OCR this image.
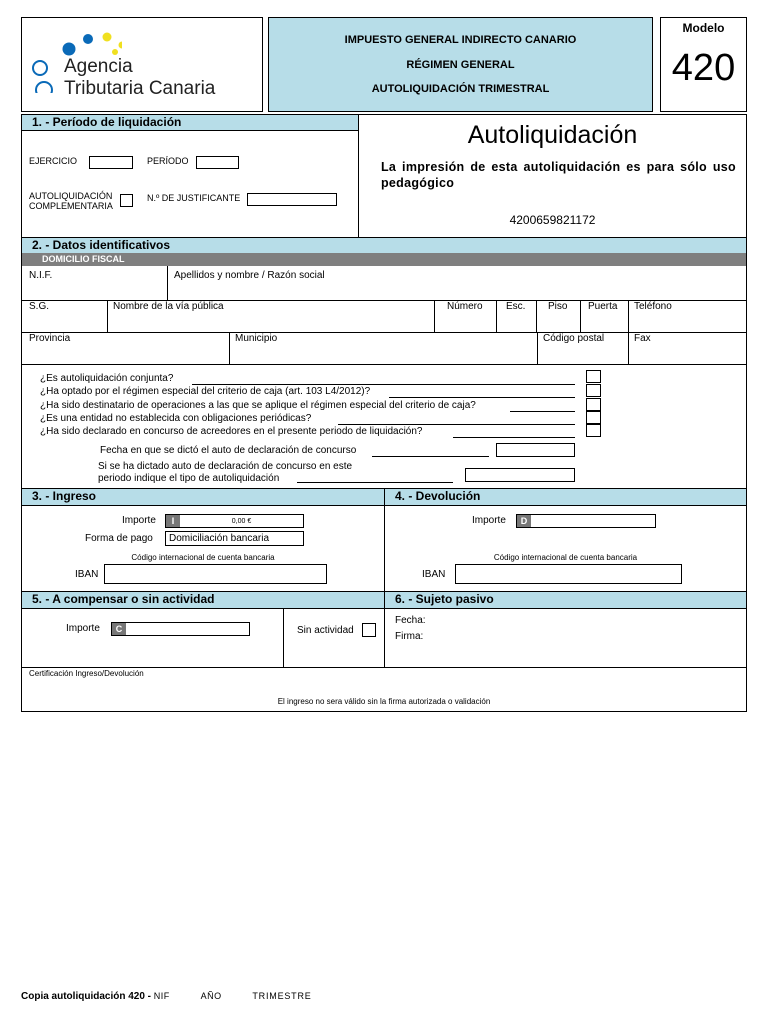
Agencia
Tributaria Canaria
IMPUESTO GENERAL INDIRECTO CANARIO
RÉGIMEN GENERAL
AUTOLIQUIDACIÓN TRIMESTRAL
Modelo
420
1. - Período de liquidación
EJERCICIO	PERÍODO
AUTOLIQUIDACIÓN
COMPLEMENTARIA
N.º DE JUSTIFICANTE
Autoliquidación
La impresión de esta autoliquidación es para sólo uso pedagógico
4200659821172
2. - Datos identificativos
DOMICILIO FISCAL
N.I.F.	Apellidos y nombre / Razón social
S.G.	Nombre de la vía pública	Número Esc. Piso Puerta Teléfono
Provincia	Municipio	Código postal	Fax
¿Es autoliquidación conjunta?
¿Ha optado por el régimen especial del criterio de caja (art. 103 L4/2012)?
¿Ha sido destinatario de operaciones a las que se aplique el régimen especial del criterio de caja?
¿Es una entidad no establecida con obligaciones periódicas?
¿Ha sido declarado en concurso de acreedores en el presente periodo de liquidación?
Fecha en que se dictó el auto de declaración de concurso
Si se ha dictado auto de declaración de concurso en este
periodo indique el tipo de autoliquidación
3. - Ingreso	4. - Devolución
Importe	I	0,00 €
Forma de pago Domiciliación bancaria
Código internacional de cuenta bancaria
IBAN
Importe	D
Código internacional de cuenta bancaria
IBAN
5. - A compensar o sin actividad	6. - Sujeto pasivo
Importe	C	Sin actividad
Fecha:
Firma:
Certificación Ingreso/Devolución
El ingreso no sera válido sin la firma autorizada o validación
Copia autoliquidación 420 - NIF	AÑO	TRIMESTRE
